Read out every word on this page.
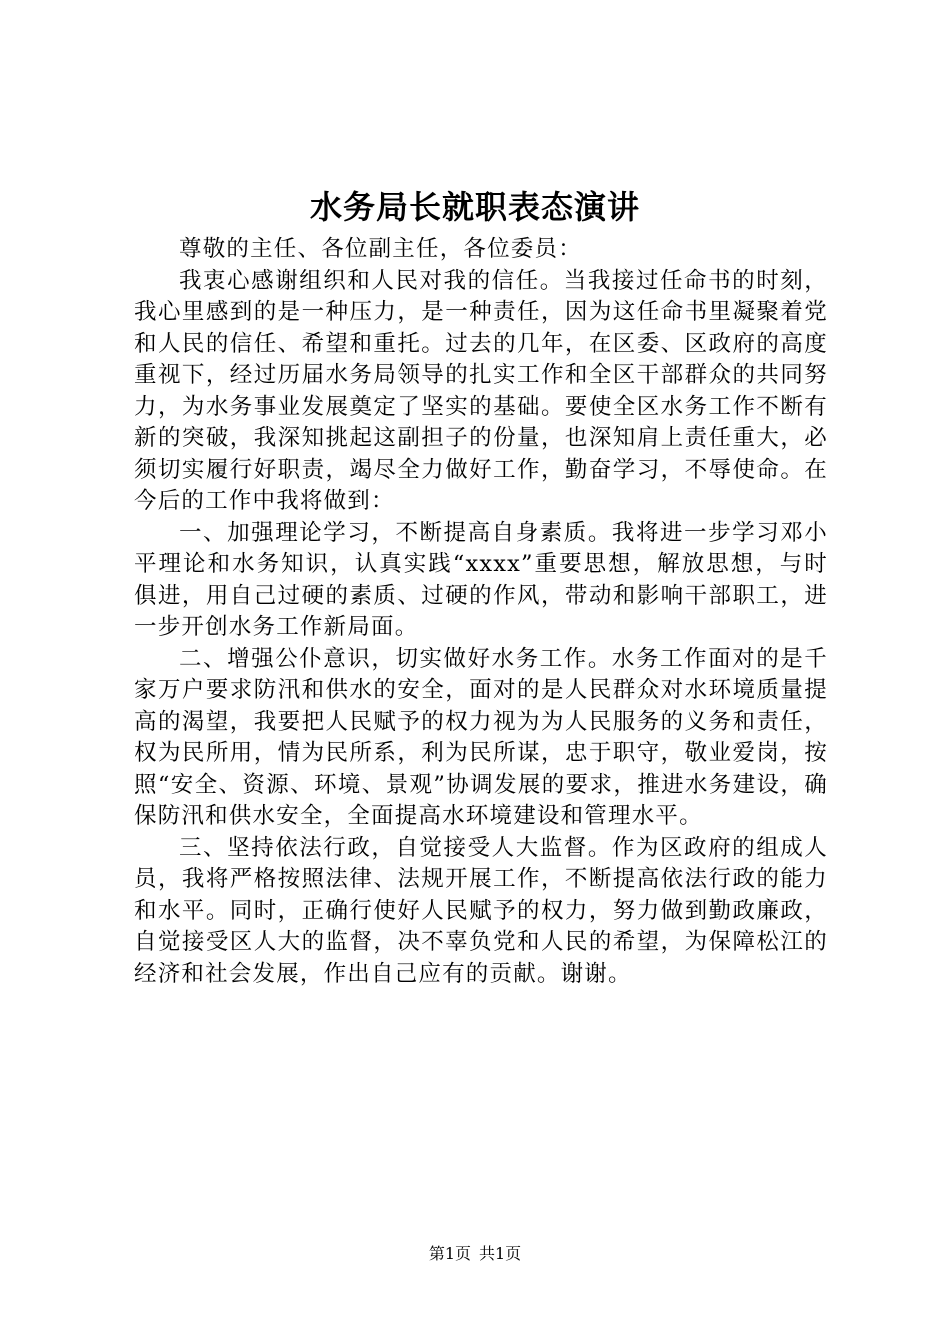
水务局长就职表态演讲

尊敬的主任、各位副主任，各位委员：

我衷心感谢组织和人民对我的信任。当我接过任命书的时刻，我心里感到的是一种压力，是一种责任，因为这任命书里凝聚着党和人民的信任、希望和重托。过去的几年，在区委、区政府的高度重视下，经过历届水务局领导的扎实工作和全区干部群众的共同努力，为水务事业发展奠定了坚实的基础。要使全区水务工作不断有新的突破，我深知挑起这副担子的份量，也深知肩上责任重大，必须切实履行好职责，竭尽全力做好工作，勤奋学习，不辱使命。在今后的工作中我将做到：

一、加强理论学习，不断提高自身素质。我将进一步学习邓小平理论和水务知识，认真实践“xxxx”重要思想，解放思想，与时俱进，用自己过硬的素质、过硬的作风，带动和影响干部职工，进一步开创水务工作新局面。

二、增强公仆意识，切实做好水务工作。水务工作面对的是千家万户要求防汛和供水的安全，面对的是人民群众对水环境质量提高的渴望，我要把人民赋予的权力视为为人民服务的义务和责任，权为民所用，情为民所系，利为民所谋，忠于职守，敬业爱岗，按照“安全、资源、环境、景观”协调发展的要求，推进水务建设，确保防汛和供水安全，全面提高水环境建设和管理水平。

三、坚持依法行政，自觉接受人大监督。作为区政府的组成人员，我将严格按照法律、法规开展工作，不断提高依法行政的能力和水平。同时，正确行使好人民赋予的权力，努力做到勤政廉政，自觉接受区人大的监督，决不辜负党和人民的希望，为保障松江的经济和社会发展，作出自己应有的贡献。谢谢。

第1页 共1页
